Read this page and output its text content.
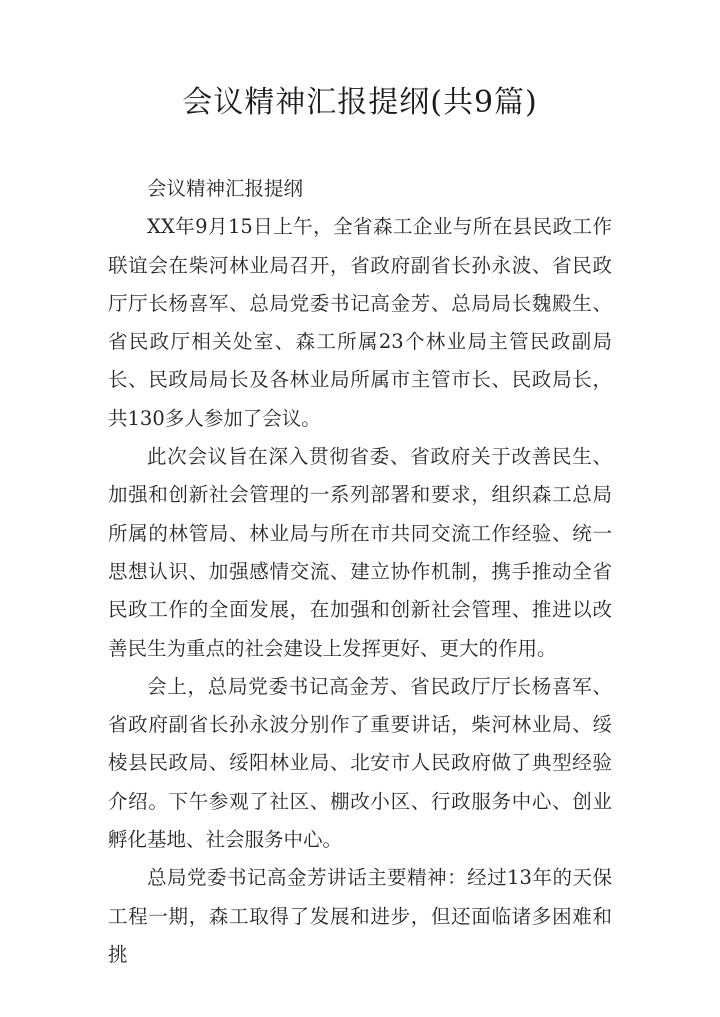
会议精神汇报提纲(共9篇)

会议精神汇报提纲

XX年9月15日上午，全省森工企业与所在县民政工作联谊会在柴河林业局召开，省政府副省长孙永波、省民政厅厅长杨喜军、总局党委书记高金芳、总局局长魏殿生、省民政厅相关处室、森工所属23个林业局主管民政副局长、民政局局长及各林业局所属市主管市长、民政局长，共130多人参加了会议。

此次会议旨在深入贯彻省委、省政府关于改善民生、加强和创新社会管理的一系列部署和要求，组织森工总局所属的林管局、林业局与所在市共同交流工作经验、统一思想认识、加强感情交流、建立协作机制，携手推动全省民政工作的全面发展，在加强和创新社会管理、推进以改善民生为重点的社会建设上发挥更好、更大的作用。

会上，总局党委书记高金芳、省民政厅厅长杨喜军、省政府副省长孙永波分别作了重要讲话，柴河林业局、绥棱县民政局、绥阳林业局、北安市人民政府做了典型经验介绍。下午参观了社区、棚改小区、行政服务中心、创业孵化基地、社会服务中心。

总局党委书记高金芳讲话主要精神：经过13年的天保工程一期，森工取得了发展和进步，但还面临诸多困难和挑
